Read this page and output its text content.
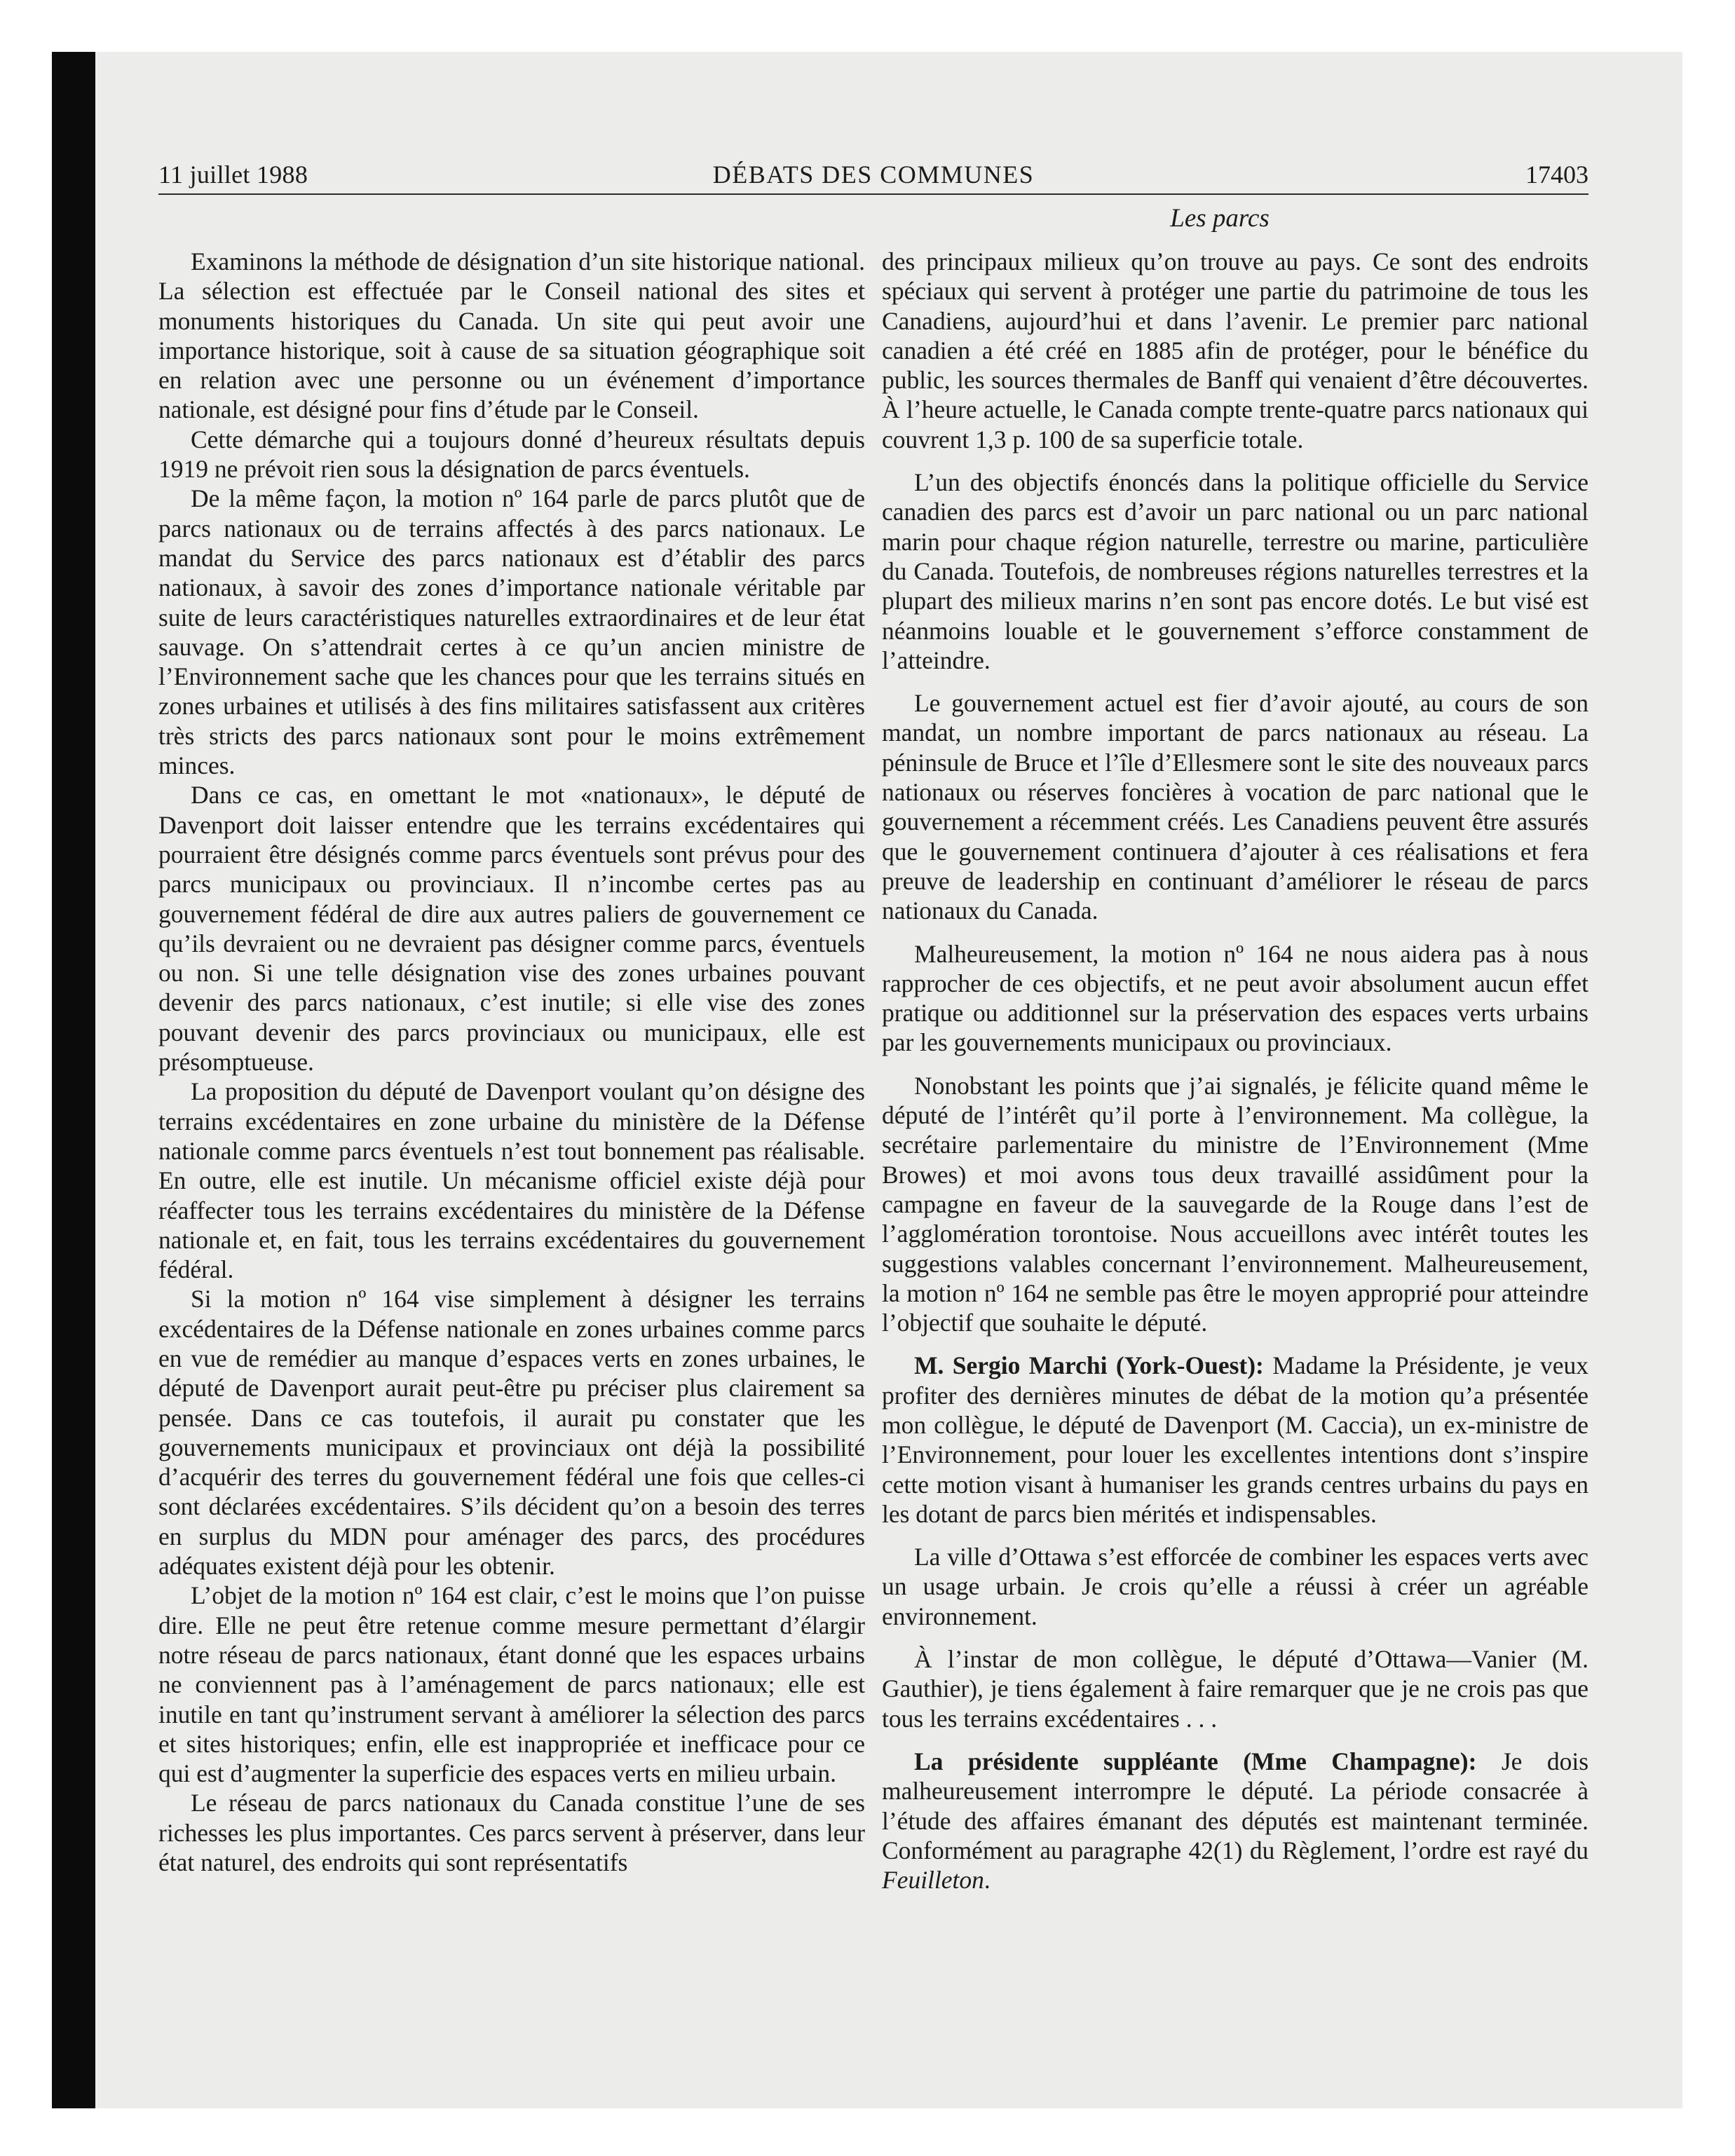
11 juillet 1988	DÉBATS DES COMMUNES	17403
Les parcs

Examinons la méthode de désignation d’un site historique national. La sélection est effectuée par le Conseil national des sites et monuments historiques du Canada. Un site qui peut avoir une importance historique, soit à cause de sa situation géographique soit en relation avec une personne ou un événement d’importance nationale, est désigné pour fins d’étude par le Conseil.

Cette démarche qui a toujours donné d’heureux résultats depuis 1919 ne prévoit rien sous la désignation de parcs éventuels.

De la même façon, la motion nº 164 parle de parcs plutôt que de parcs nationaux ou de terrains affectés à des parcs nationaux. Le mandat du Service des parcs nationaux est d’établir des parcs nationaux, à savoir des zones d’importance nationale véritable par suite de leurs caractéristiques naturelles extraordinaires et de leur état sauvage. On s’attendrait certes à ce qu’un ancien ministre de l’Environnement sache que les chances pour que les terrains situés en zones urbaines et utilisés à des fins militaires satisfassent aux critères très stricts des parcs nationaux sont pour le moins extrêmement minces.

Dans ce cas, en omettant le mot «nationaux», le député de Davenport doit laisser entendre que les terrains excédentaires qui pourraient être désignés comme parcs éventuels sont prévus pour des parcs municipaux ou provinciaux. Il n’incombe certes pas au gouvernement fédéral de dire aux autres paliers de gouvernement ce qu’ils devraient ou ne devraient pas désigner comme parcs, éventuels ou non. Si une telle désignation vise des zones urbaines pouvant devenir des parcs nationaux, c’est inutile; si elle vise des zones pouvant devenir des parcs provinciaux ou municipaux, elle est présomptueuse.

La proposition du député de Davenport voulant qu’on désigne des terrains excédentaires en zone urbaine du ministère de la Défense nationale comme parcs éventuels n’est tout bonnement pas réalisable. En outre, elle est inutile. Un mécanisme officiel existe déjà pour réaffecter tous les terrains excédentaires du ministère de la Défense nationale et, en fait, tous les terrains excédentaires du gouvernement fédéral.

Si la motion nº 164 vise simplement à désigner les terrains excédentaires de la Défense nationale en zones urbaines comme parcs en vue de remédier au manque d’espaces verts en zones urbaines, le député de Davenport aurait peut-être pu préciser plus clairement sa pensée. Dans ce cas toutefois, il aurait pu constater que les gouvernements municipaux et provinciaux ont déjà la possibilité d’acquérir des terres du gouvernement fédéral une fois que celles-ci sont déclarées excédentaires. S’ils décident qu’on a besoin des terres en surplus du MDN pour aménager des parcs, des procédures adéquates existent déjà pour les obtenir.

L’objet de la motion nº 164 est clair, c’est le moins que l’on puisse dire. Elle ne peut être retenue comme mesure permettant d’élargir notre réseau de parcs nationaux, étant donné que les espaces urbains ne conviennent pas à l’aménagement de parcs nationaux; elle est inutile en tant qu’instrument servant à améliorer la sélection des parcs et sites historiques; enfin, elle est inappropriée et inefficace pour ce qui est d’augmenter la superficie des espaces verts en milieu urbain.

Le réseau de parcs nationaux du Canada constitue l’une de ses richesses les plus importantes. Ces parcs servent à préserver, dans leur état naturel, des endroits qui sont représentatifs

des principaux milieux qu’on trouve au pays. Ce sont des endroits spéciaux qui servent à protéger une partie du patrimoine de tous les Canadiens, aujourd’hui et dans l’avenir. Le premier parc national canadien a été créé en 1885 afin de protéger, pour le bénéfice du public, les sources thermales de Banff qui venaient d’être découvertes. À l’heure actuelle, le Canada compte trente-quatre parcs nationaux qui couvrent 1,3 p. 100 de sa superficie totale.

L’un des objectifs énoncés dans la politique officielle du Service canadien des parcs est d’avoir un parc national ou un parc national marin pour chaque région naturelle, terrestre ou marine, particulière du Canada. Toutefois, de nombreuses régions naturelles terrestres et la plupart des milieux marins n’en sont pas encore dotés. Le but visé est néanmoins louable et le gouvernement s’efforce constamment de l’atteindre.

Le gouvernement actuel est fier d’avoir ajouté, au cours de son mandat, un nombre important de parcs nationaux au réseau. La péninsule de Bruce et l’île d’Ellesmere sont le site des nouveaux parcs nationaux ou réserves foncières à vocation de parc national que le gouvernement a récemment créés. Les Canadiens peuvent être assurés que le gouvernement continuera d’ajouter à ces réalisations et fera preuve de leadership en continuant d’améliorer le réseau de parcs nationaux du Canada.

Malheureusement, la motion nº 164 ne nous aidera pas à nous rapprocher de ces objectifs, et ne peut avoir absolument aucun effet pratique ou additionnel sur la préservation des espaces verts urbains par les gouvernements municipaux ou provinciaux.

Nonobstant les points que j’ai signalés, je félicite quand même le député de l’intérêt qu’il porte à l’environnement. Ma collègue, la secrétaire parlementaire du ministre de l’Environnement (Mme Browes) et moi avons tous deux travaillé assidûment pour la campagne en faveur de la sauvegarde de la Rouge dans l’est de l’agglomération torontoise. Nous accueillons avec intérêt toutes les suggestions valables concernant l’environnement. Malheureusement, la motion nº 164 ne semble pas être le moyen approprié pour atteindre l’objectif que souhaite le député.

M. Sergio Marchi (York-Ouest): Madame la Présidente, je veux profiter des dernières minutes de débat de la motion qu’a présentée mon collègue, le député de Davenport (M. Caccia), un ex-ministre de l’Environnement, pour louer les excellentes intentions dont s’inspire cette motion visant à humaniser les grands centres urbains du pays en les dotant de parcs bien mérités et indispensables.

La ville d’Ottawa s’est efforcée de combiner les espaces verts avec un usage urbain. Je crois qu’elle a réussi à créer un agréable environnement.

À l’instar de mon collègue, le député d’Ottawa—Vanier (M. Gauthier), je tiens également à faire remarquer que je ne crois pas que tous les terrains excédentaires . . .

La présidente suppléante (Mme Champagne): Je dois malheureusement interrompre le député. La période consacrée à l’étude des affaires émanant des députés est maintenant terminée. Conformément au paragraphe 42(1) du Règlement, l’ordre est rayé du Feuilleton.
